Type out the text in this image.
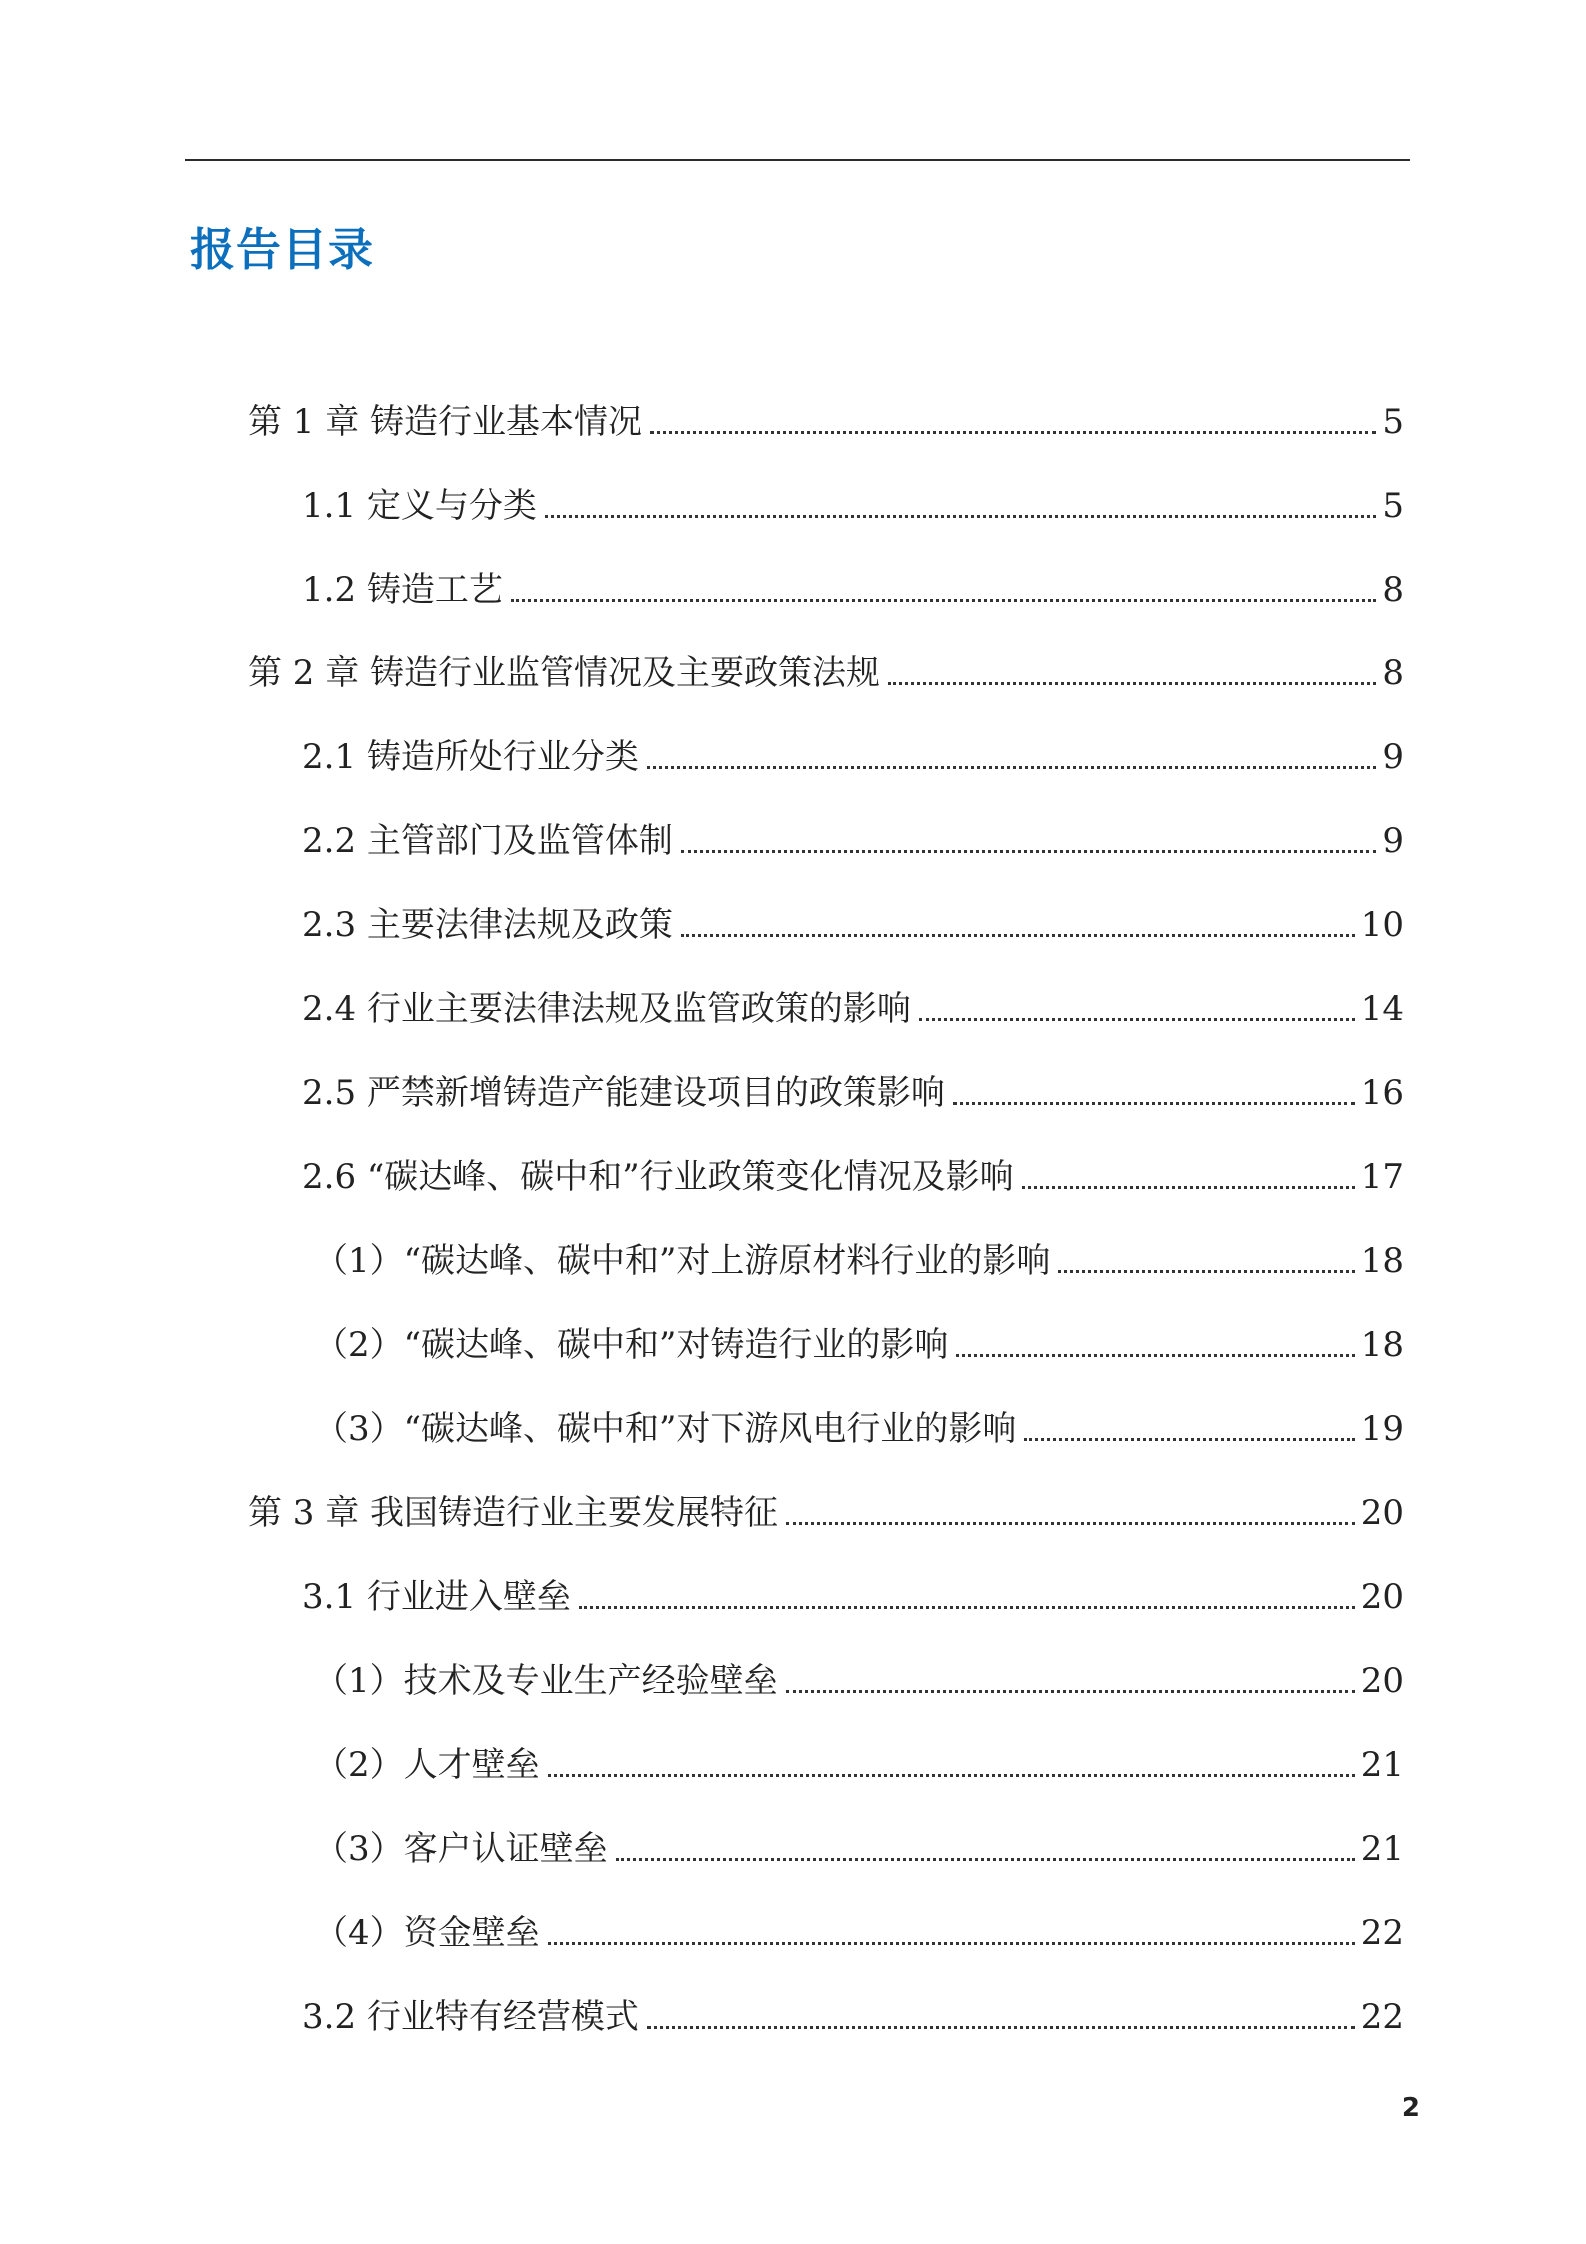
报告目录
第 1 章 铸造行业基本情况	5
1.1 定义与分类	5
1.2 铸造工艺	8
第 2 章 铸造行业监管情况及主要政策法规	8
2.1 铸造所处行业分类	9
2.2 主管部门及监管体制	9
2.3 主要法律法规及政策	10
2.4 行业主要法律法规及监管政策的影响	14
2.5 严禁新增铸造产能建设项目的政策影响	16
2.6 “碳达峰、碳中和”行业政策变化情况及影响	17
（1）“碳达峰、碳中和”对上游原材料行业的影响	18
（2）“碳达峰、碳中和”对铸造行业的影响	18
（3）“碳达峰、碳中和”对下游风电行业的影响	19
第 3 章 我国铸造行业主要发展特征	20
3.1 行业进入壁垒	20
（1）技术及专业生产经验壁垒	20
（2）人才壁垒	21
（3）客户认证壁垒	21
（4）资金壁垒	22
3.2 行业特有经营模式	22
2
